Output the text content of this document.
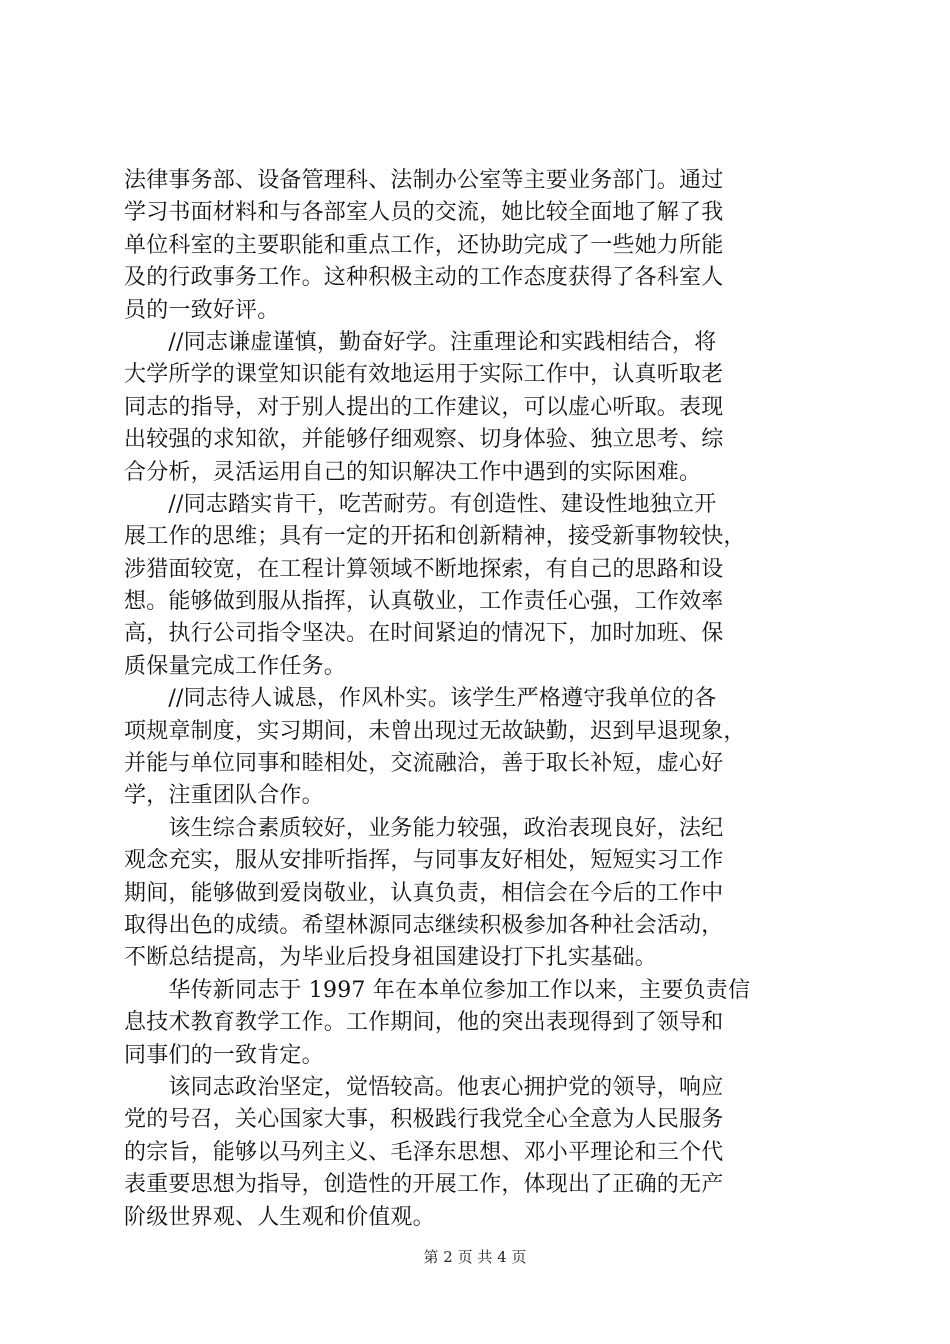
法律事务部、设备管理科、法制办公室等主要业务部门。通过
学习书面材料和与各部室人员的交流，她比较全面地了解了我
单位科室的主要职能和重点工作，还协助完成了一些她力所能
及的行政事务工作。这种积极主动的工作态度获得了各科室人
员的一致好评。
　　//同志谦虚谨慎，勤奋好学。注重理论和实践相结合，将
大学所学的课堂知识能有效地运用于实际工作中，认真听取老
同志的指导，对于别人提出的工作建议，可以虚心听取。表现
出较强的求知欲，并能够仔细观察、切身体验、独立思考、综
合分析，灵活运用自己的知识解决工作中遇到的实际困难。
　　//同志踏实肯干，吃苦耐劳。有创造性、建设性地独立开
展工作的思维；具有一定的开拓和创新精神，接受新事物较快，
涉猎面较宽，在工程计算领域不断地探索，有自己的思路和设
想。能够做到服从指挥，认真敬业，工作责任心强，工作效率
高，执行公司指令坚决。在时间紧迫的情况下，加时加班、保
质保量完成工作任务。
　　//同志待人诚恳，作风朴实。该学生严格遵守我单位的各
项规章制度，实习期间，未曾出现过无故缺勤，迟到早退现象，
并能与单位同事和睦相处，交流融洽，善于取长补短，虚心好
学，注重团队合作。
　　该生综合素质较好，业务能力较强，政治表现良好，法纪
观念充实，服从安排听指挥，与同事友好相处，短短实习工作
期间，能够做到爱岗敬业，认真负责，相信会在今后的工作中
取得出色的成绩。希望林源同志继续积极参加各种社会活动，
不断总结提高，为毕业后投身祖国建设打下扎实基础。
　　华传新同志于 1997 年在本单位参加工作以来，主要负责信
息技术教育教学工作。工作期间，他的突出表现得到了领导和
同事们的一致肯定。
　　该同志政治坚定，觉悟较高。他衷心拥护党的领导，响应
党的号召，关心国家大事，积极践行我党全心全意为人民服务
的宗旨，能够以马列主义、毛泽东思想、邓小平理论和三个代
表重要思想为指导，创造性的开展工作，体现出了正确的无产
阶级世界观、人生观和价值观。
第 2 页 共 4 页
